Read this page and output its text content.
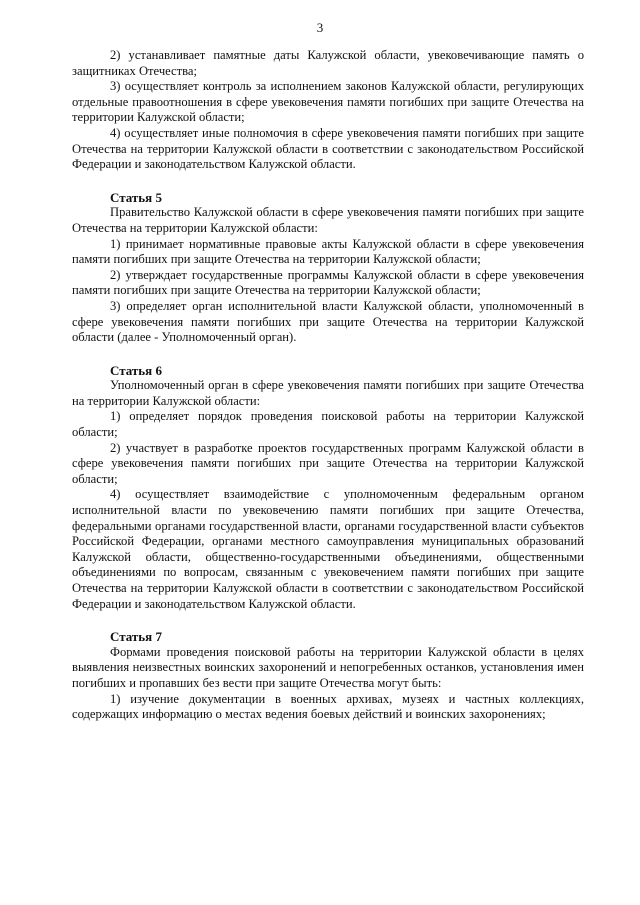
3

2) устанавливает памятные даты Калужской области, увековечивающие память о защитниках Отечества;

3) осуществляет контроль за исполнением законов Калужской области, регулирующих отдельные правоотношения в сфере увековечения памяти погибших при защите Отечества на территории Калужской области;

4) осуществляет иные полномочия в сфере увековечения памяти погибших при защите Отечества на территории Калужской области в соответствии с законодательством Российской Федерации и законодательством Калужской области.

Статья 5

Правительство Калужской области в сфере увековечения памяти погибших при защите Отечества на территории Калужской области:

1) принимает нормативные правовые акты Калужской области в сфере увековечения памяти погибших при защите Отечества на территории Калужской области;

2) утверждает государственные программы Калужской области в сфере увековечения памяти погибших при защите Отечества на территории Калужской области;

3) определяет орган исполнительной власти Калужской области, уполномоченный в сфере увековечения памяти погибших при защите Отечества на территории Калужской области (далее - Уполномоченный орган).

Статья 6

Уполномоченный орган в сфере увековечения памяти погибших при защите Отечества на территории Калужской области:

1) определяет порядок проведения поисковой работы на территории Калужской области;

2) участвует в разработке проектов государственных программ Калужской области в сфере увековечения памяти погибших при защите Отечества на территории Калужской области;

4) осуществляет взаимодействие с уполномоченным федеральным органом исполнительной власти по увековечению памяти погибших при защите Отечества, федеральными органами государственной власти, органами государственной власти субъектов Российской Федерации, органами местного самоуправления муниципальных образований Калужской области, общественно-государственными объединениями, общественными объединениями по вопросам, связанным с увековечением памяти погибших при защите Отечества на территории Калужской области в соответствии с законодательством Российской Федерации и законодательством Калужской области.

Статья 7

Формами проведения поисковой работы на территории Калужской области в целях выявления неизвестных воинских захоронений и непогребенных останков, установления имен погибших и пропавших без вести при защите Отечества могут быть:

1) изучение документации в военных архивах, музеях и частных коллекциях, содержащих информацию о местах ведения боевых действий и воинских захоронениях;
